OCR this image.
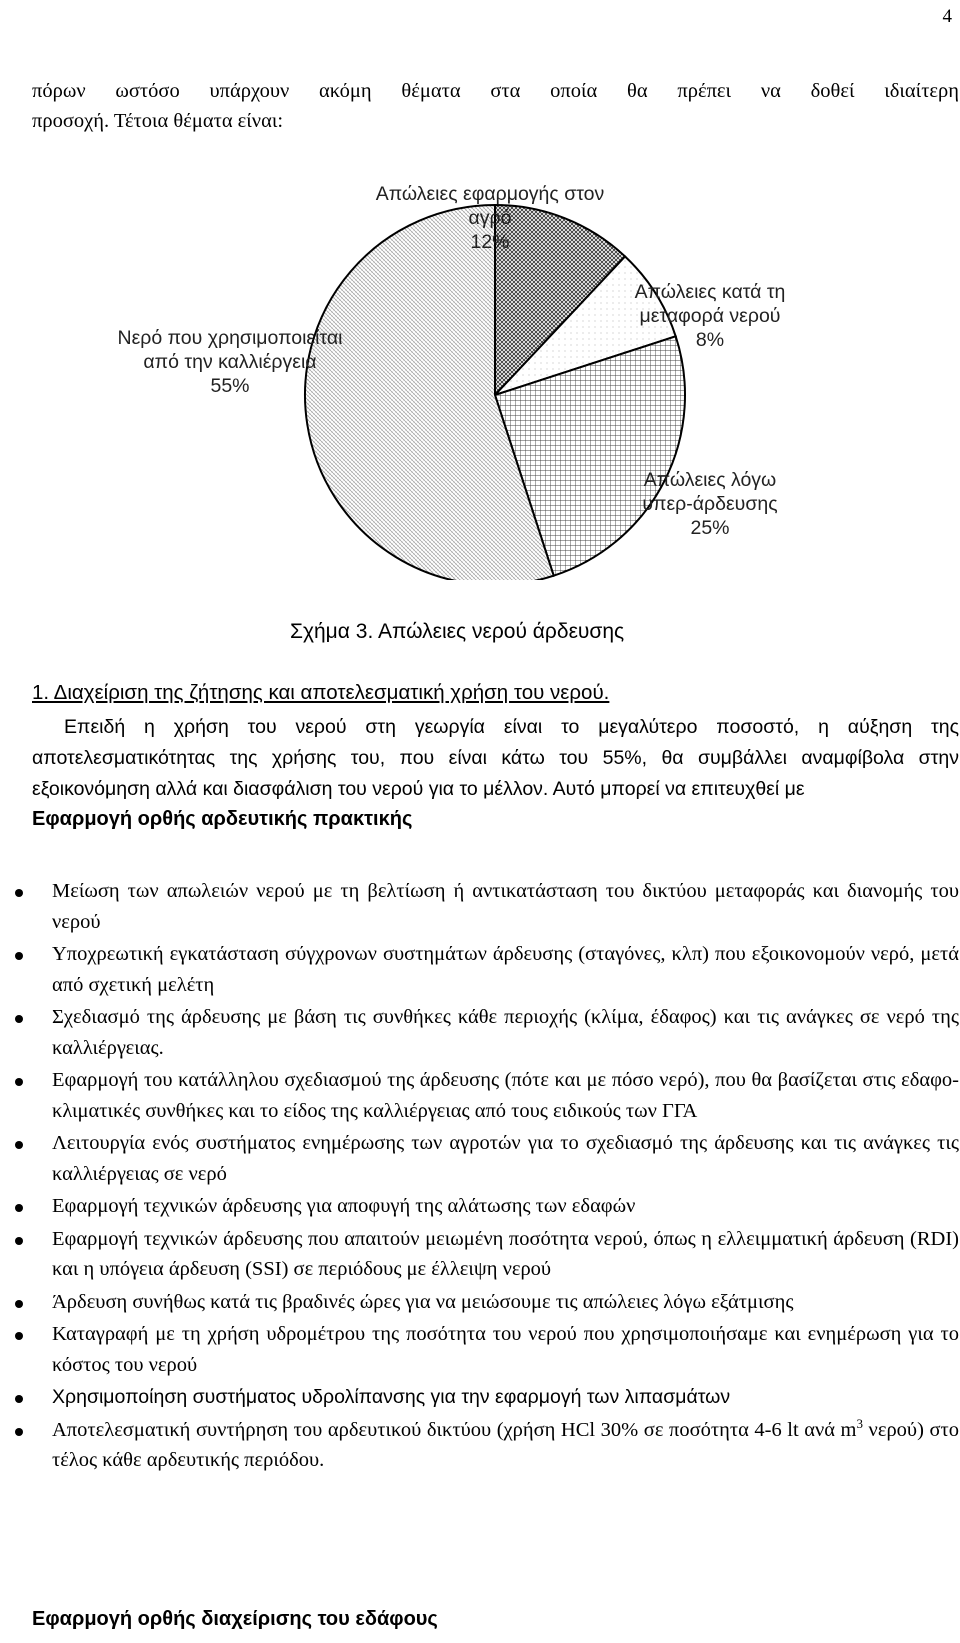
4
πόρων ωστόσο υπάρχουν ακόμη θέματα στα οποία θα πρέπει να δοθεί ιδιαίτερη
προσοχή. Τέτοια θέματα είναι:
Απώλειες εφαρμογής στον
αγρό
12%
Απώλειες κατά τη
μεταφορά νερού
8%
Απώλειες λόγω
υπερ-άρδευσης
25%
Νερό που χρησιμοποιείται
από την καλλιέργεια
55%
Σχήμα 3. Απώλειες νερού άρδευσης
1. Διαχείριση της ζήτησης και αποτελεσματική χρήση του νερού.
Επειδή η χρήση του νερού στη γεωργία είναι το μεγαλύτερο ποσοστό, η αύξηση της αποτελεσματικότητας της χρήσης του, που είναι κάτω του 55%, θα συμβάλλει αναμφίβολα στην εξοικονόμηση αλλά και διασφάλιση του νερού για το μέλλον. Αυτό μπορεί να επιτευχθεί με
Εφαρμογή ορθής αρδευτικής πρακτικής
Μείωση των απωλειών νερού με τη βελτίωση ή αντικατάσταση του δικτύου μεταφοράς και διανομής του νερού
Υποχρεωτική εγκατάσταση σύγχρονων συστημάτων άρδευσης (σταγόνες, κλπ) που εξοικονομούν νερό, μετά από σχετική μελέτη
Σχεδιασμό της άρδευσης με βάση τις συνθήκες κάθε περιοχής (κλίμα, έδαφος) και τις ανάγκες σε νερό της καλλιέργειας.
Εφαρμογή του κατάλληλου σχεδιασμού της άρδευσης (πότε και με πόσο νερό), που θα βασίζεται στις εδαφο-κλιματικές συνθήκες και το είδος της καλλιέργειας από τους ειδικούς των ΓΓΑ
Λειτουργία ενός συστήματος ενημέρωσης των αγροτών για το σχεδιασμό της άρδευσης και τις ανάγκες τις καλλιέργειας σε νερό
Εφαρμογή τεχνικών άρδευσης για αποφυγή της αλάτωσης των εδαφών
Εφαρμογή τεχνικών άρδευσης που απαιτούν μειωμένη ποσότητα νερού, όπως η ελλειμματική άρδευση (RDI) και η υπόγεια άρδευση (SSI) σε περιόδους με έλλειψη νερού
Άρδευση συνήθως κατά τις βραδινές ώρες για να μειώσουμε τις απώλειες λόγω εξάτμισης
Καταγραφή με τη χρήση υδρομέτρου της ποσότητα του νερού που χρησιμοποιήσαμε και ενημέρωση για το κόστος του νερού
Χρησιμοποίηση συστήματος υδρολίπανσης για την εφαρμογή των λιπασμάτων
Αποτελεσματική συντήρηση του αρδευτικού δικτύου (χρήση HCl 30% σε ποσότητα 4-6 lt ανά $m^3$ νερού) στο τέλος κάθε αρδευτικής περιόδου.
Εφαρμογή ορθής διαχείρισης του εδάφους
